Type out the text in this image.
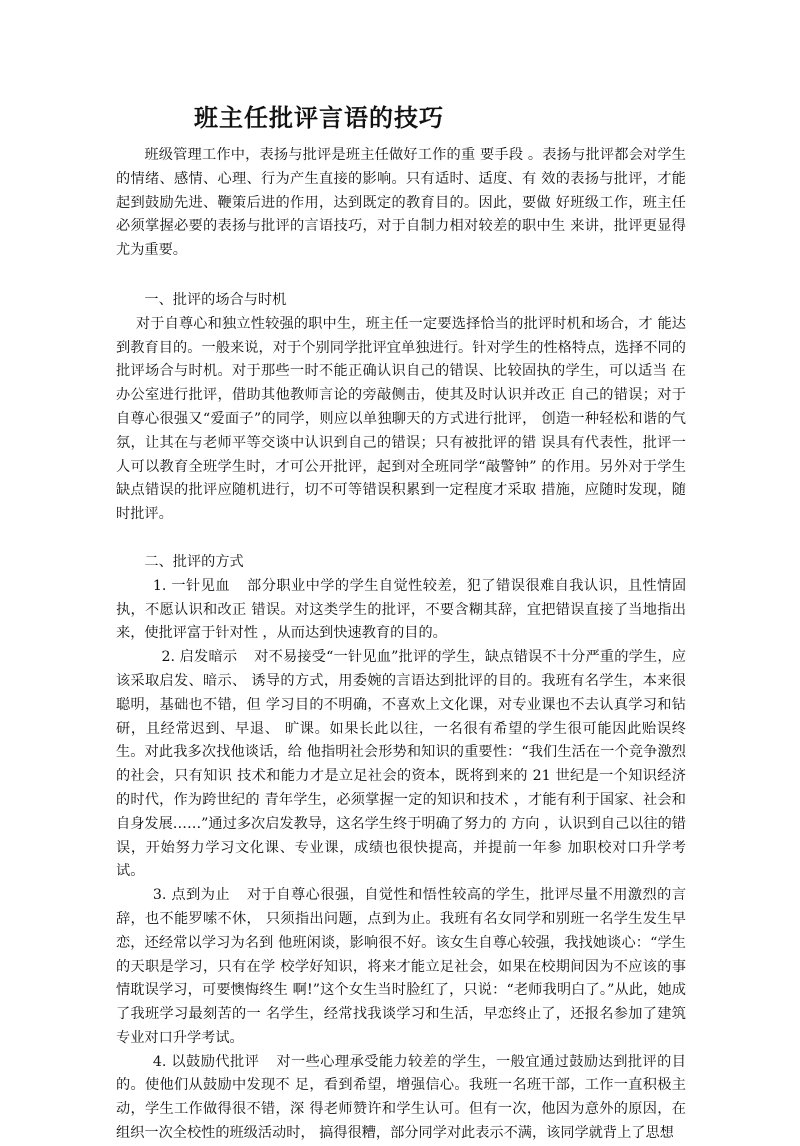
班主任批评言语的技巧

班级管理工作中，表扬与批评是班主任做好工作的重 要手段 。表扬与批评都会对学生的情绪、感情、心理、行为产生直接的影响。只有适时、适度、有 效的表扬与批评，才能起到鼓励先进、鞭策后进的作用，达到既定的教育目的。因此，要做 好班级工作，班主任必须掌握必要的表扬与批评的言语技巧，对于自制力相对较差的职中生 来讲，批评更显得尤为重要。

一、批评的场合与时机

对于自尊心和独立性较强的职中生，班主任一定要选择恰当的批评时机和场合，才 能达到教育目的。一般来说，对于个别同学批评宜单独进行。针对学生的性格特点，选择不同的批评场合与时机。对于那些一时不能正确认识自己的错误、比较固执的学生，可以适当 在办公室进行批评，借助其他教师言论的旁敲侧击，使其及时认识并改正 自己的错误；对于自尊心很强又“爱面子”的同学，则应以单独聊天的方式进行批评， 创造一种轻松和谐的气氛，让其在与老师平等交谈中认识到自己的错误；只有被批评的错 误具有代表性，批评一人可以教育全班学生时，才可公开批评，起到对全班同学“敲警钟” 的作用。另外对于学生缺点错误的批评应随机进行，切不可等错误积累到一定程度才采取 措施，应随时发现，随时批评。

二、批评的方式

1. 一针见血 部分职业中学的学生自觉性较差，犯了错误很难自我认识，且性情固执，不愿认识和改正 错误。对这类学生的批评，不要含糊其辞，宜把错误直接了当地指出来，使批评富于针对性 ，从而达到快速教育的目的。

2. 启发暗示 对不易接受“一针见血”批评的学生，缺点错误不十分严重的学生，应该采取启发、暗示、 诱导的方式，用委婉的言语达到批评的目的。我班有名学生，本来很聪明，基础也不错，但 学习目的不明确，不喜欢上文化课，对专业课也不去认真学习和钻研，且经常迟到、早退、 旷课。如果长此以往，一名很有希望的学生很可能因此贻误终生。对此我多次找他谈话，给 他指明社会形势和知识的重要性：“我们生活在一个竞争激烈的社会，只有知识 技术和能力才是立足社会的资本，既将到来的 21 世纪是一个知识经济的时代，作为跨世纪的 青年学生，必须掌握一定的知识和技术 ，才能有利于国家、社会和自身发展……”通过多次启发教导，这名学生终于明确了努力的 方向 ，认识到自己以往的错误，开始努力学习文化课、专业课，成绩也很快提高，并提前一年参 加职校对口升学考试。

3. 点到为止 对于自尊心很强，自觉性和悟性较高的学生，批评尽量不用激烈的言辞，也不能罗嗦不休， 只须指出问题，点到为止。我班有名女同学和别班一名学生发生早恋，还经常以学习为名到 他班闲谈，影响很不好。该女生自尊心较强，我找她谈心：“学生的天职是学习，只有在学 校学好知识，将来才能立足社会，如果在校期间因为不应该的事情耽误学习，可要懊悔终生 啊!”这个女生当时脸红了，只说：“老师我明白了。”从此，她成了我班学习最刻苦的一 名学生，经常找我谈学习和生活，早恋终止了，还报名参加了建筑专业对口升学考试。

4. 以鼓励代批评 对一些心理承受能力较差的学生，一般宜通过鼓励达到批评的目的。使他们从鼓励中发现不 足，看到希望，增强信心。我班一名班干部，工作一直积极主动，学生工作做得很不错，深 得老师赞许和学生认可。但有一次，他因为意外的原因，在组织一次全校性的班级活动时， 搞得很糟，部分同学对此表示不满，该同学就背上了思想
